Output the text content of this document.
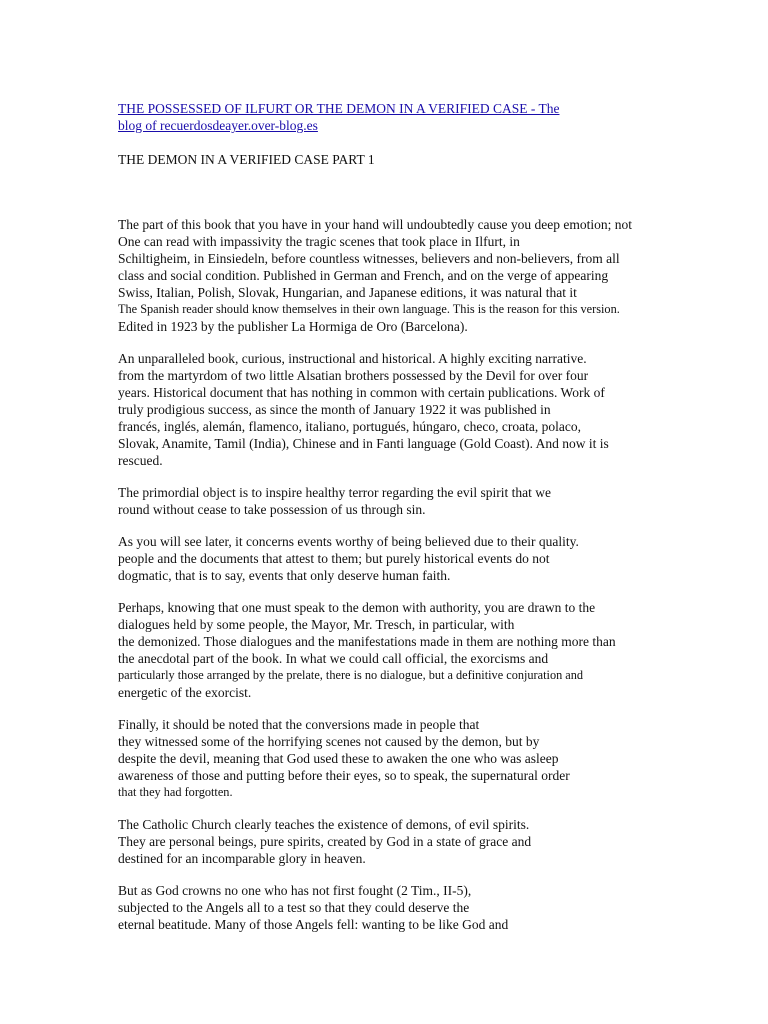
THE POSSESSED OF ILFURT OR THE DEMON IN A VERIFIED CASE - The
blog of recuerdosdeayer.over-blog.es
THE DEMON IN A VERIFIED CASE PART 1

The part of this book that you have in your hand will undoubtedly cause you deep emotion; not
One can read with impassivity the tragic scenes that took place in Ilfurt, in
Schiltigheim, in Einsiedeln, before countless witnesses, believers and non-believers, from all
class and social condition. Published in German and French, and on the verge of appearing
Swiss, Italian, Polish, Slovak, Hungarian, and Japanese editions, it was natural that it
The Spanish reader should know themselves in their own language. This is the reason for this version.
Edited in 1923 by the publisher La Hormiga de Oro (Barcelona).

An unparalleled book, curious, instructional and historical. A highly exciting narrative.
from the martyrdom of two little Alsatian brothers possessed by the Devil for over four
years. Historical document that has nothing in common with certain publications. Work of
truly prodigious success, as since the month of January 1922 it was published in
francés, inglés, alemán, flamenco, italiano, portugués, húngaro, checo, croata, polaco,
Slovak, Anamite, Tamil (India), Chinese and in Fanti language (Gold Coast). And now it is
rescued.

The primordial object is to inspire healthy terror regarding the evil spirit that we
round without cease to take possession of us through sin.

As you will see later, it concerns events worthy of being believed due to their quality.
people and the documents that attest to them; but purely historical events do not
dogmatic, that is to say, events that only deserve human faith.

Perhaps, knowing that one must speak to the demon with authority, you are drawn to the
dialogues held by some people, the Mayor, Mr. Tresch, in particular, with
the demonized. Those dialogues and the manifestations made in them are nothing more than
the anecdotal part of the book. In what we could call official, the exorcisms and
particularly those arranged by the prelate, there is no dialogue, but a definitive conjuration and
energetic of the exorcist.

Finally, it should be noted that the conversions made in people that
they witnessed some of the horrifying scenes not caused by the demon, but by
despite the devil, meaning that God used these to awaken the one who was asleep
awareness of those and putting before their eyes, so to speak, the supernatural order
that they had forgotten.

The Catholic Church clearly teaches the existence of demons, of evil spirits.
They are personal beings, pure spirits, created by God in a state of grace and
destined for an incomparable glory in heaven.

But as God crowns no one who has not first fought (2 Tim., II-5),
subjected to the Angels all to a test so that they could deserve the
eternal beatitude. Many of those Angels fell: wanting to be like God and
